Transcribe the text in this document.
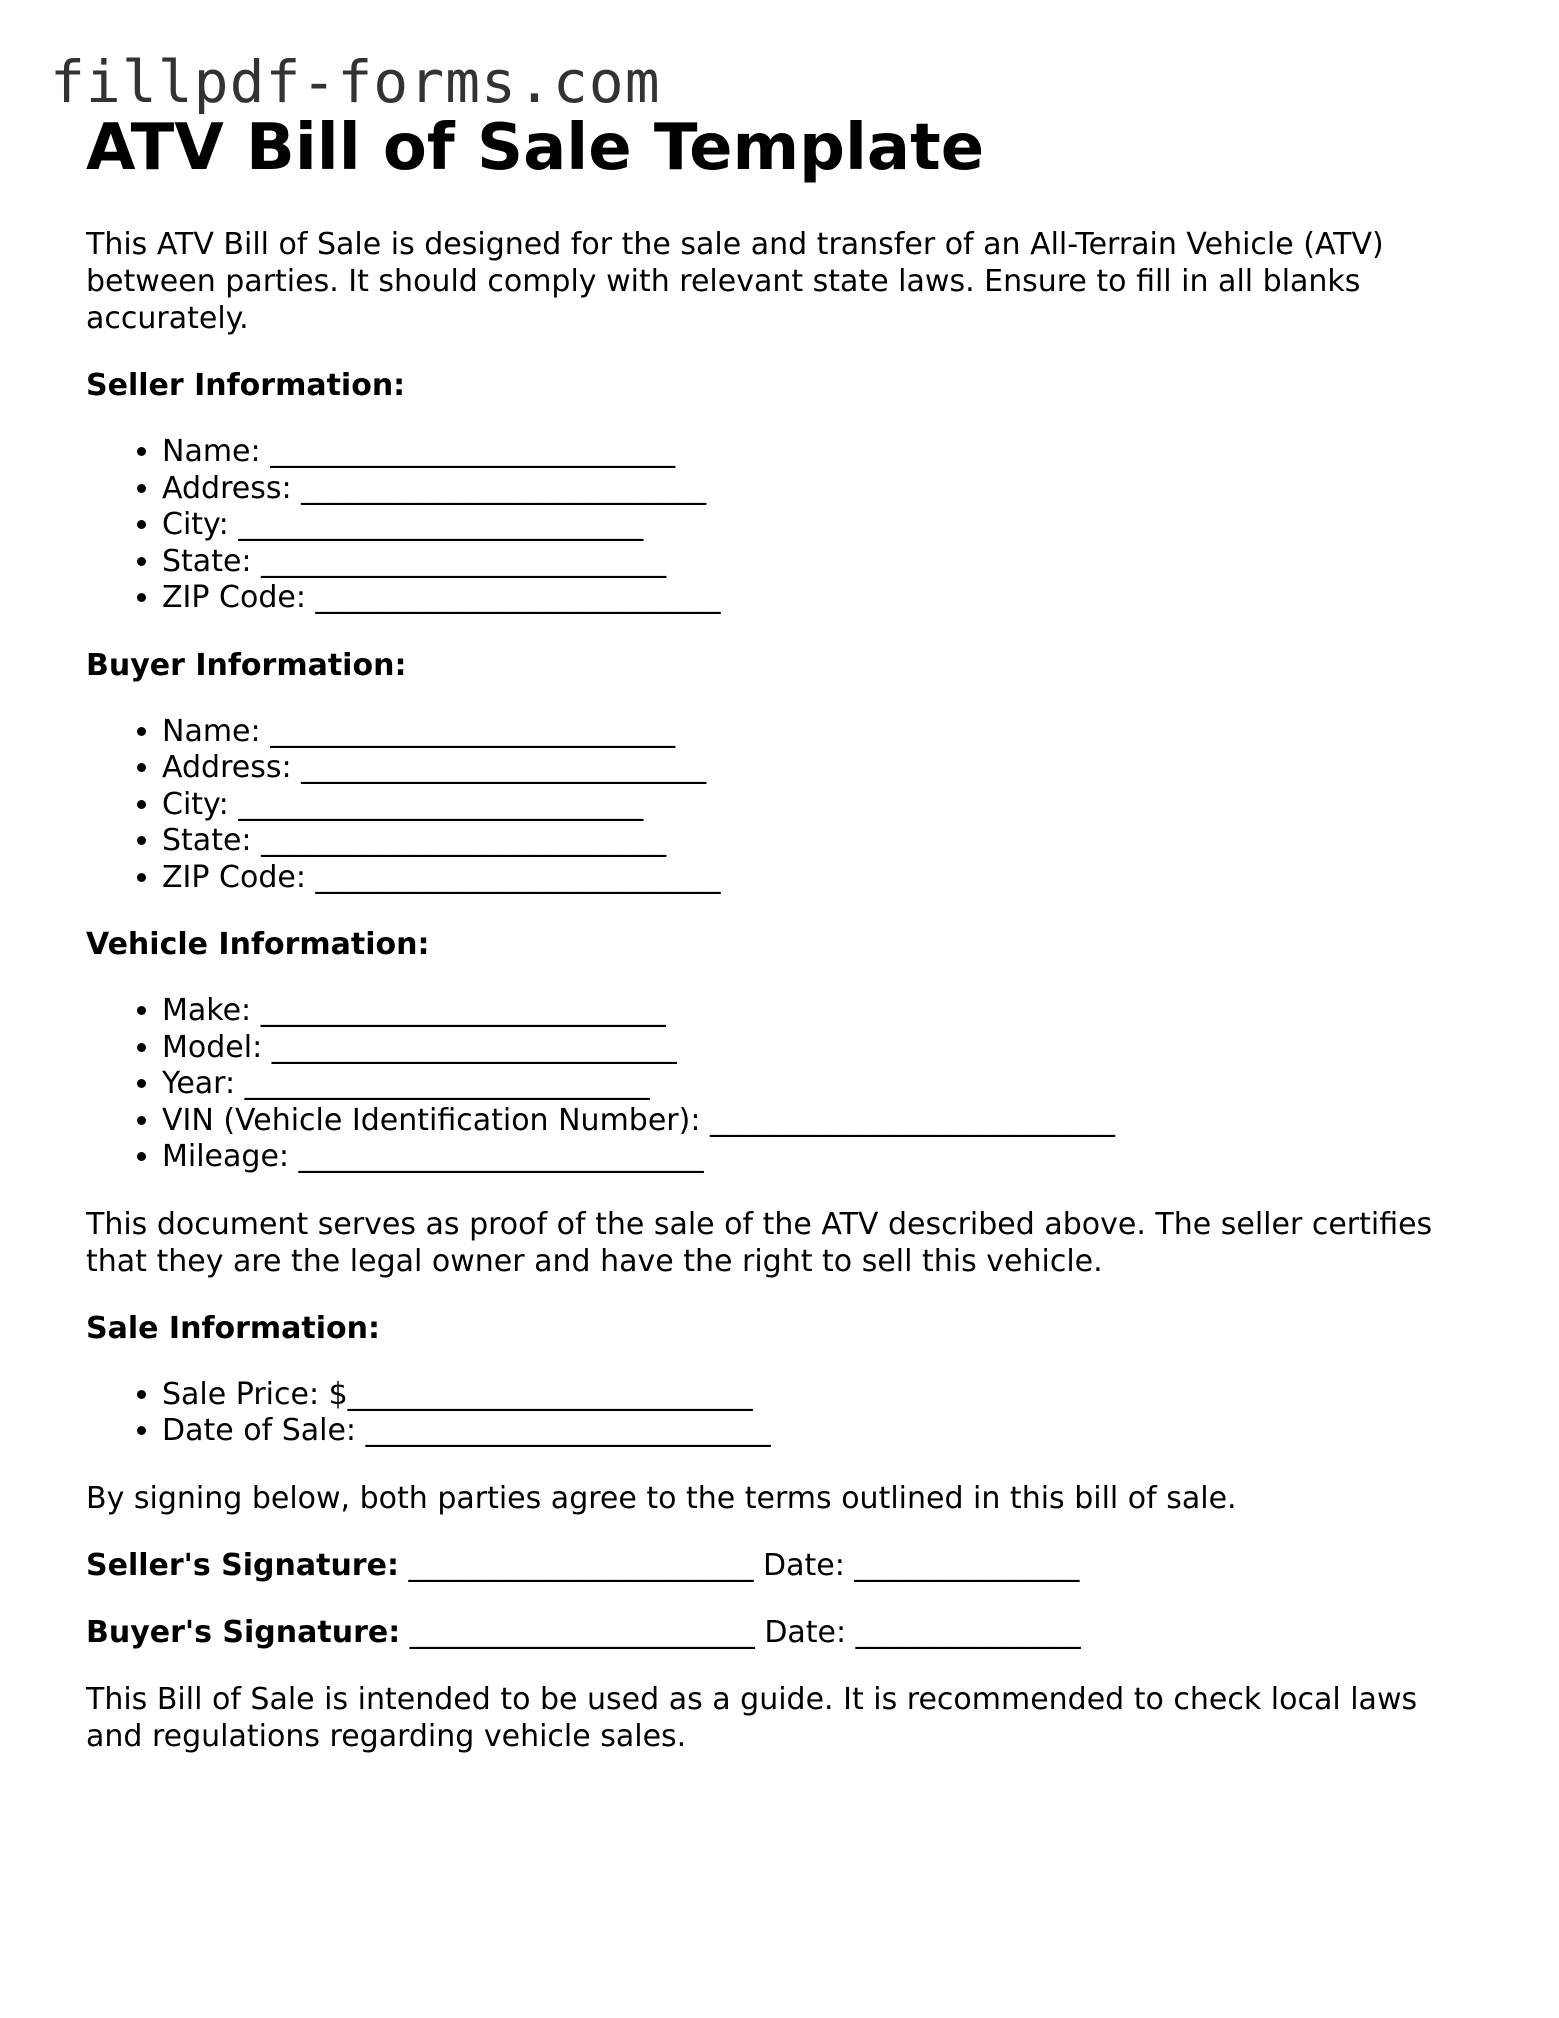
fillpdf-forms.com
ATV Bill of Sale Template

This ATV Bill of Sale is designed for the sale and transfer of an All-Terrain Vehicle (ATV) between parties. It should comply with relevant state laws. Ensure to fill in all blanks accurately.

Seller Information:
• Name: ___________________________
• Address: ___________________________
• City: ___________________________
• State: ___________________________
• ZIP Code: ___________________________
Buyer Information:
• Name: ___________________________
• Address: ___________________________
• City: ___________________________
• State: ___________________________
• ZIP Code: ___________________________
Vehicle Information:
• Make: ___________________________
• Model: ___________________________
• Year: ___________________________
• VIN (Vehicle Identification Number): ___________________________
• Mileage: ___________________________

This document serves as proof of the sale of the ATV described above. The seller certifies that they are the legal owner and have the right to sell this vehicle.

Sale Information:
• Sale Price: $___________________________
• Date of Sale: ___________________________

By signing below, both parties agree to the terms outlined in this bill of sale.

Seller's Signature: _______________________ Date: _______________
Buyer's Signature: _______________________ Date: _______________

This Bill of Sale is intended to be used as a guide. It is recommended to check local laws and regulations regarding vehicle sales.
